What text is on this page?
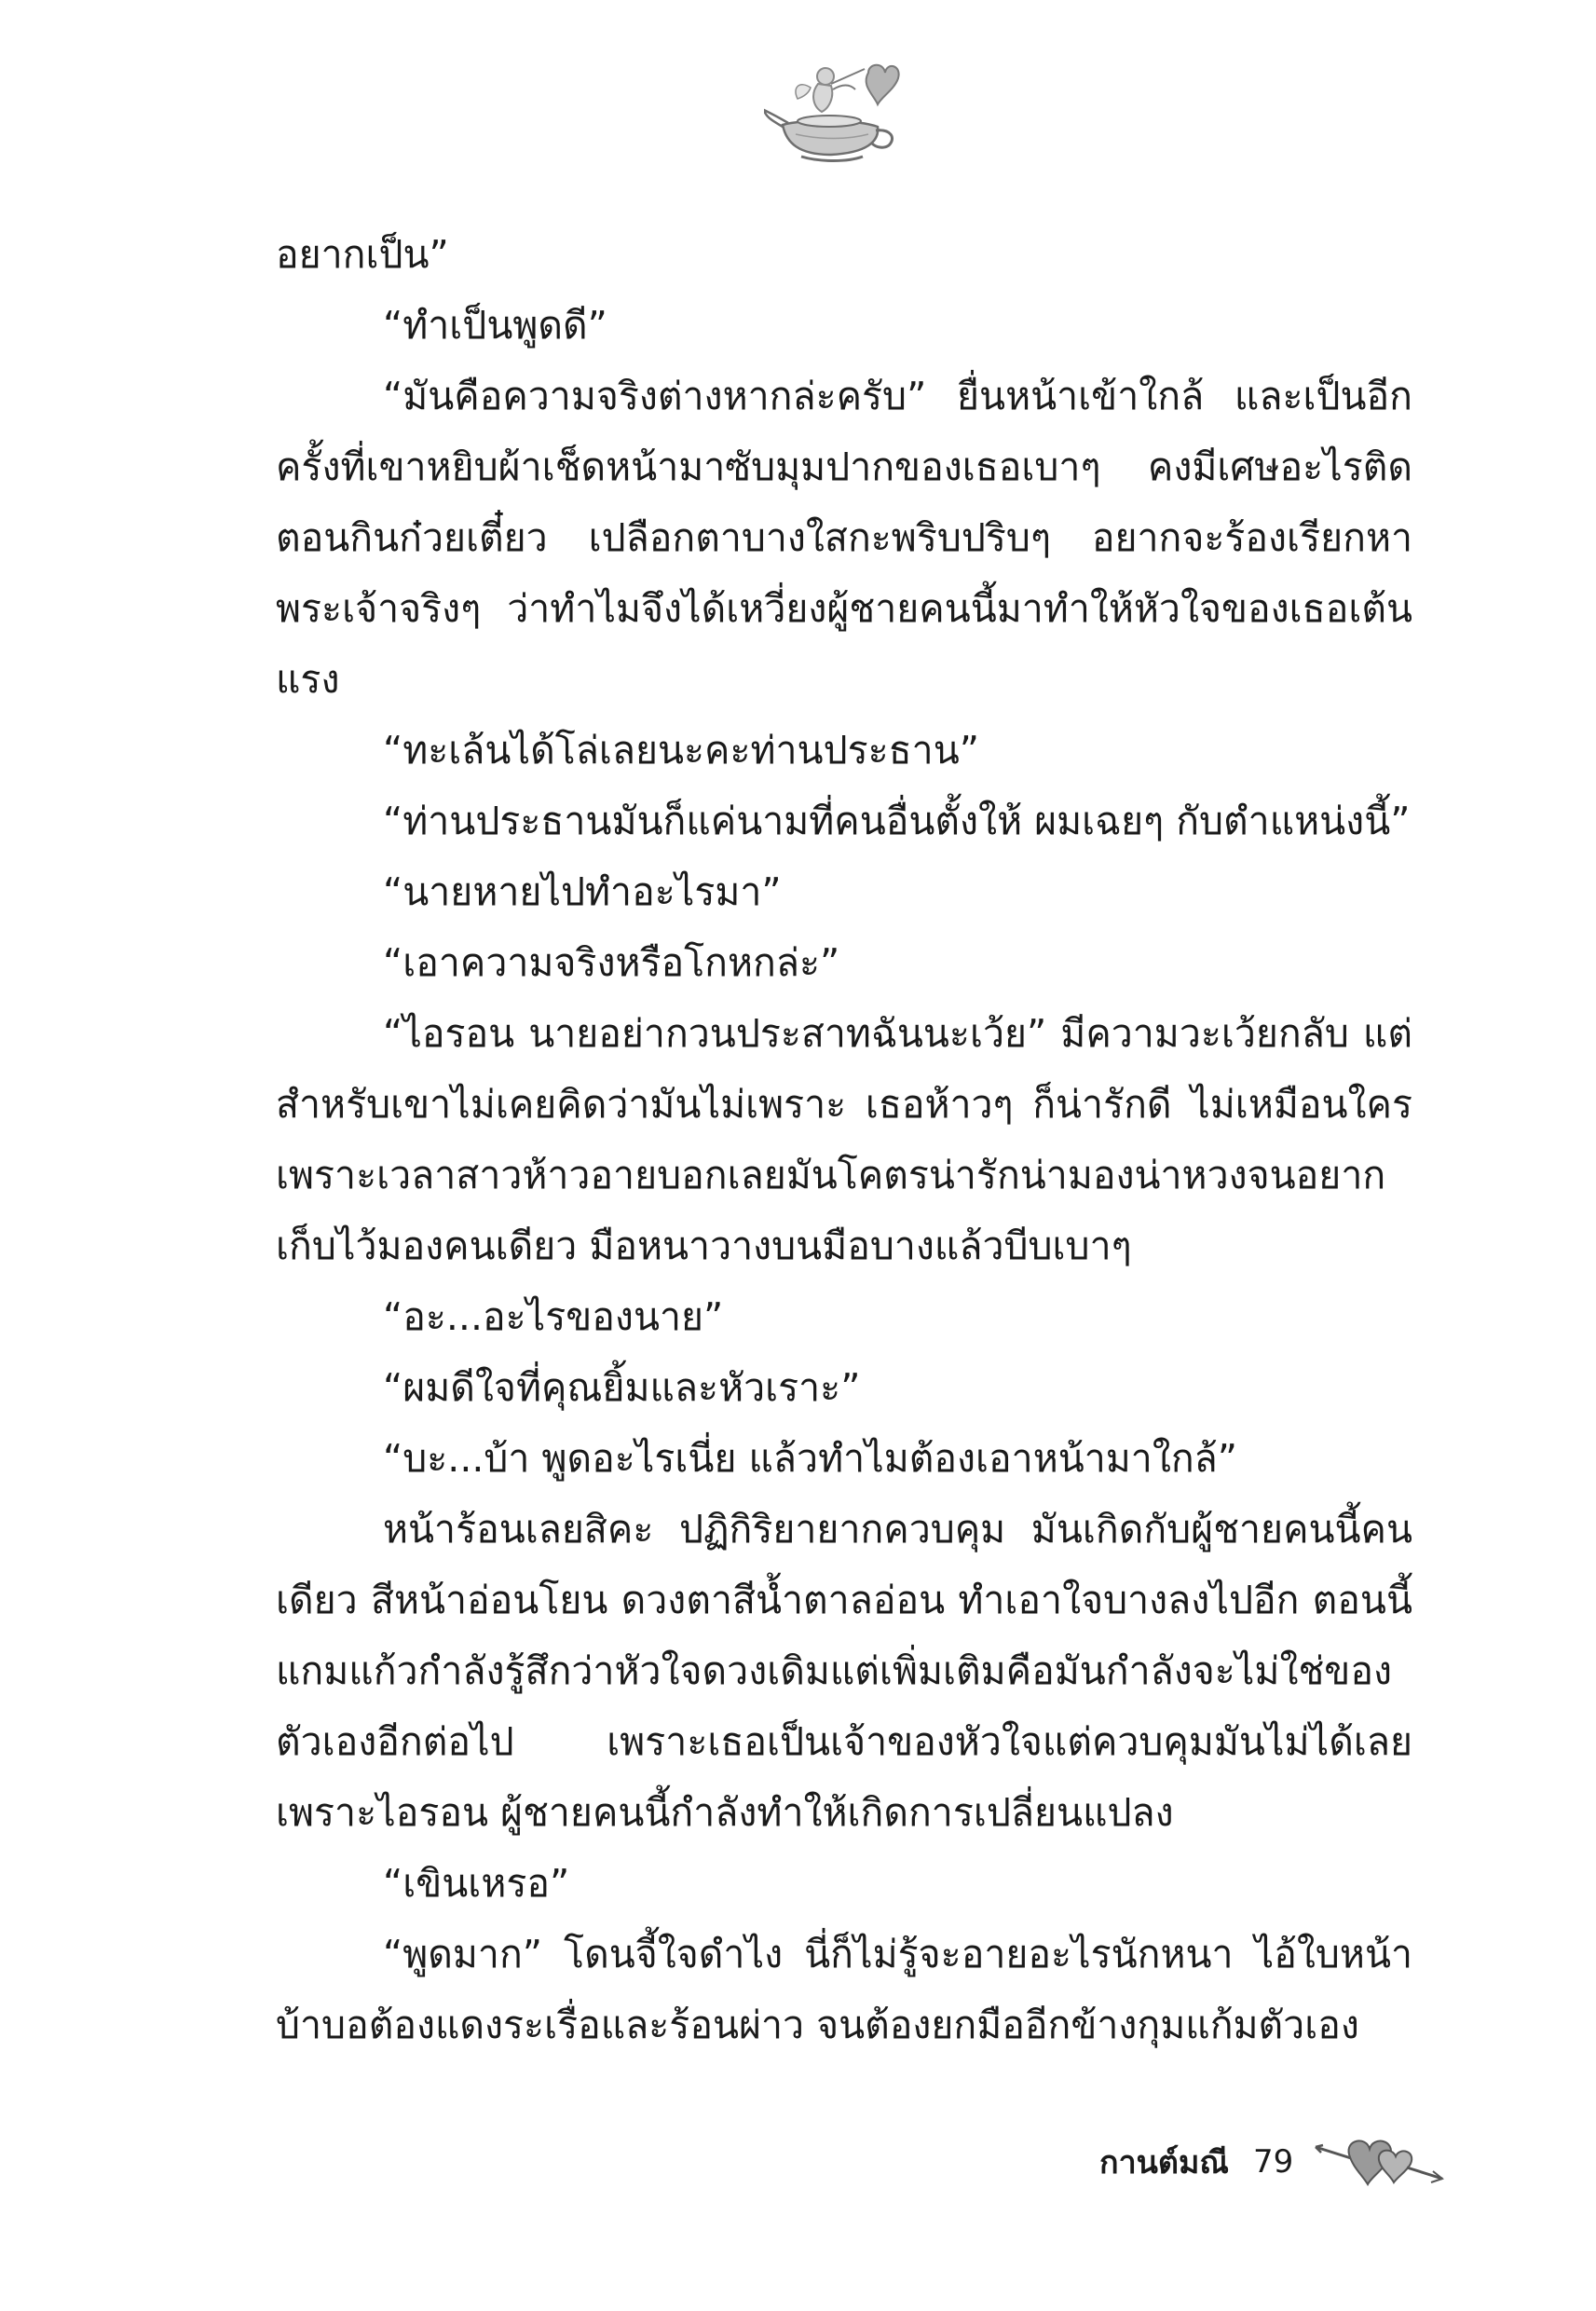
อยากเป็น”

“ทำเป็นพูดดี”

“มันคือความจริงต่างหากล่ะครับ” ยื่นหน้าเข้าใกล้ และเป็นอีกครั้งที่เขาหยิบผ้าเช็ดหน้ามาซับมุมปากของเธอเบาๆ คงมีเศษอะไรติดตอนกินก๋วยเตี๋ยว เปลือกตาบางใสกะพริบปริบๆ อยากจะร้องเรียกหาพระเจ้าจริงๆ ว่าทำไมจึงได้เหวี่ยงผู้ชายคนนี้มาทำให้หัวใจของเธอเต้นแรง

“ทะเล้นได้โล่เลยนะคะท่านประธาน”

“ท่านประธานมันก็แค่นามที่คนอื่นตั้งให้ ผมเฉยๆ กับตำแหน่งนี้”

“นายหายไปทำอะไรมา”

“เอาความจริงหรือโกหกล่ะ”

“ไอรอน นายอย่ากวนประสาทฉันนะเว้ย” มีความวะเว้ยกลับ แต่สำหรับเขาไม่เคยคิดว่ามันไม่เพราะ เธอห้าวๆ ก็น่ารักดี ไม่เหมือนใครเพราะเวลาสาวห้าวอายบอกเลยมันโคตรน่ารักน่ามองน่าหวงจนอยากเก็บไว้มองคนเดียว มือหนาวางบนมือบางแล้วบีบเบาๆ

“อะ...อะไรของนาย”

“ผมดีใจที่คุณยิ้มและหัวเราะ”

“บะ...บ้า พูดอะไรเนี่ย แล้วทำไมต้องเอาหน้ามาใกล้”

หน้าร้อนเลยสิคะ ปฏิกิริยายากควบคุม มันเกิดกับผู้ชายคนนี้คนเดียว สีหน้าอ่อนโยน ดวงตาสีน้ำตาลอ่อน ทำเอาใจบางลงไปอีก ตอนนี้แกมแก้วกำลังรู้สึกว่าหัวใจดวงเดิมแต่เพิ่มเติมคือมันกำลังจะไม่ใช่ของตัวเองอีกต่อไป เพราะเธอเป็นเจ้าของหัวใจแต่ควบคุมมันไม่ได้เลย เพราะไอรอน ผู้ชายคนนี้กำลังทำให้เกิดการเปลี่ยนแปลง

“เขินเหรอ”

“พูดมาก” โดนจี้ใจดำไง นี่ก็ไม่รู้จะอายอะไรนักหนา ไอ้ใบหน้าบ้าบอต้องแดงระเรื่อและร้อนผ่าว จนต้องยกมืออีกข้างกุมแก้มตัวเอง

กานต์มณี 79
